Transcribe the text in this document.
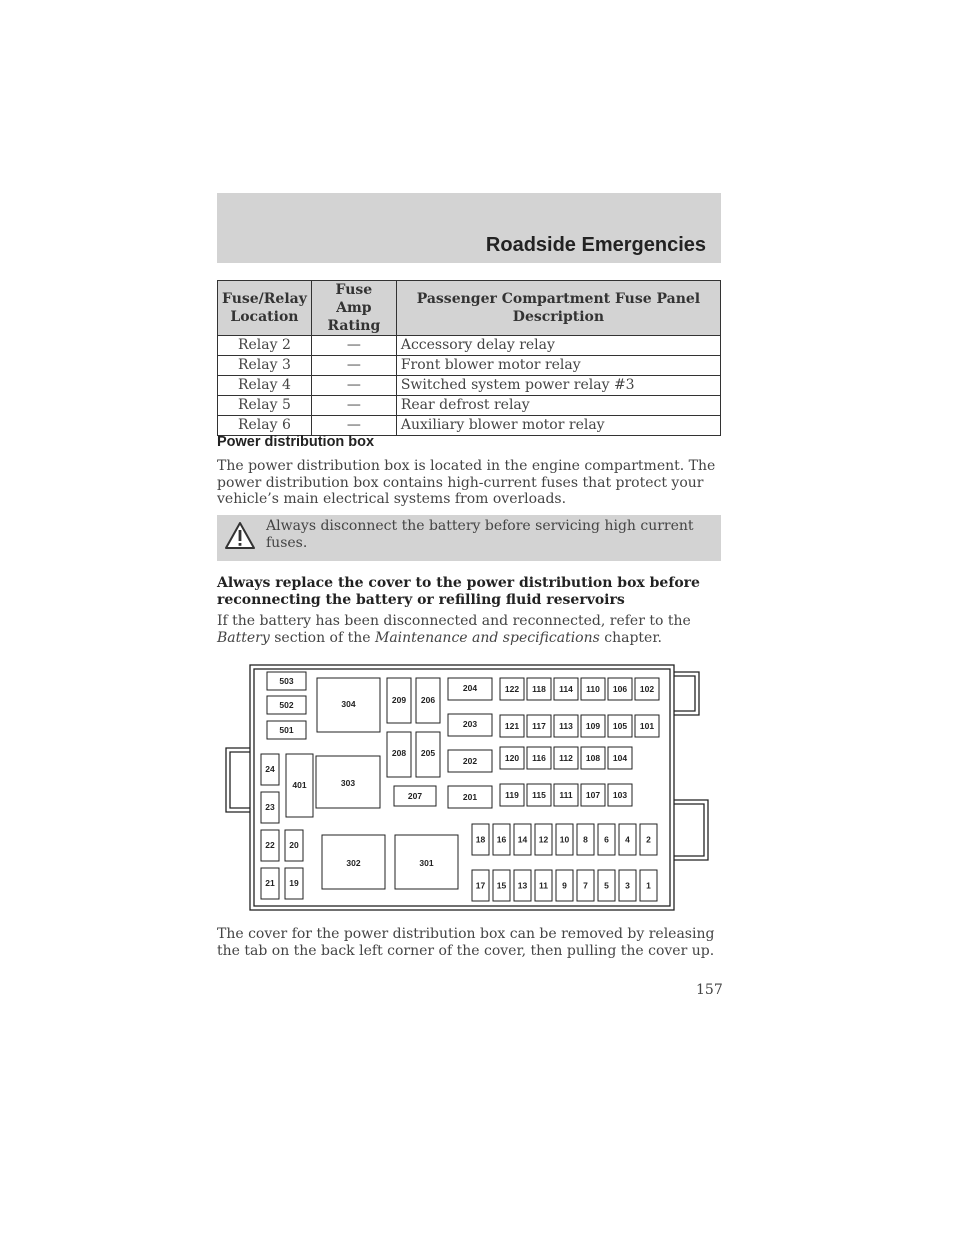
Roadside Emergencies
Fuse/Relay Location	Fuse Amp Rating	Passenger Compartment Fuse Panel Description
Relay 2	—	Accessory delay relay
Relay 3	—	Front blower motor relay
Relay 4	—	Switched system power relay #3
Relay 5	—	Rear defrost relay
Relay 6	—	Auxiliary blower motor relay
Power distribution box
The power distribution box is located in the engine compartment. The power distribution box contains high-current fuses that protect your vehicle’s main electrical systems from overloads.
Always disconnect the battery before servicing high current fuses.
Always replace the cover to the power distribution box before reconnecting the battery or refilling fluid reservoirs
If the battery has been disconnected and reconnected, refer to the Battery section of the Maintenance and specifications chapter.
503
502
501
304
303
302	301
209 206
208 205
207
204
203
202
201
401
24
23
22 20
21 19
122 118 114 110 106 102
121 117 113 109 105 101
120 116 112 108 104
119 115 111 107 103
18 16 14 12 10 8 6 4 2
17 15 13 11 9 7 5 3 1
The cover for the power distribution box can be removed by releasing the tab on the back left corner of the cover, then pulling the cover up.
157
